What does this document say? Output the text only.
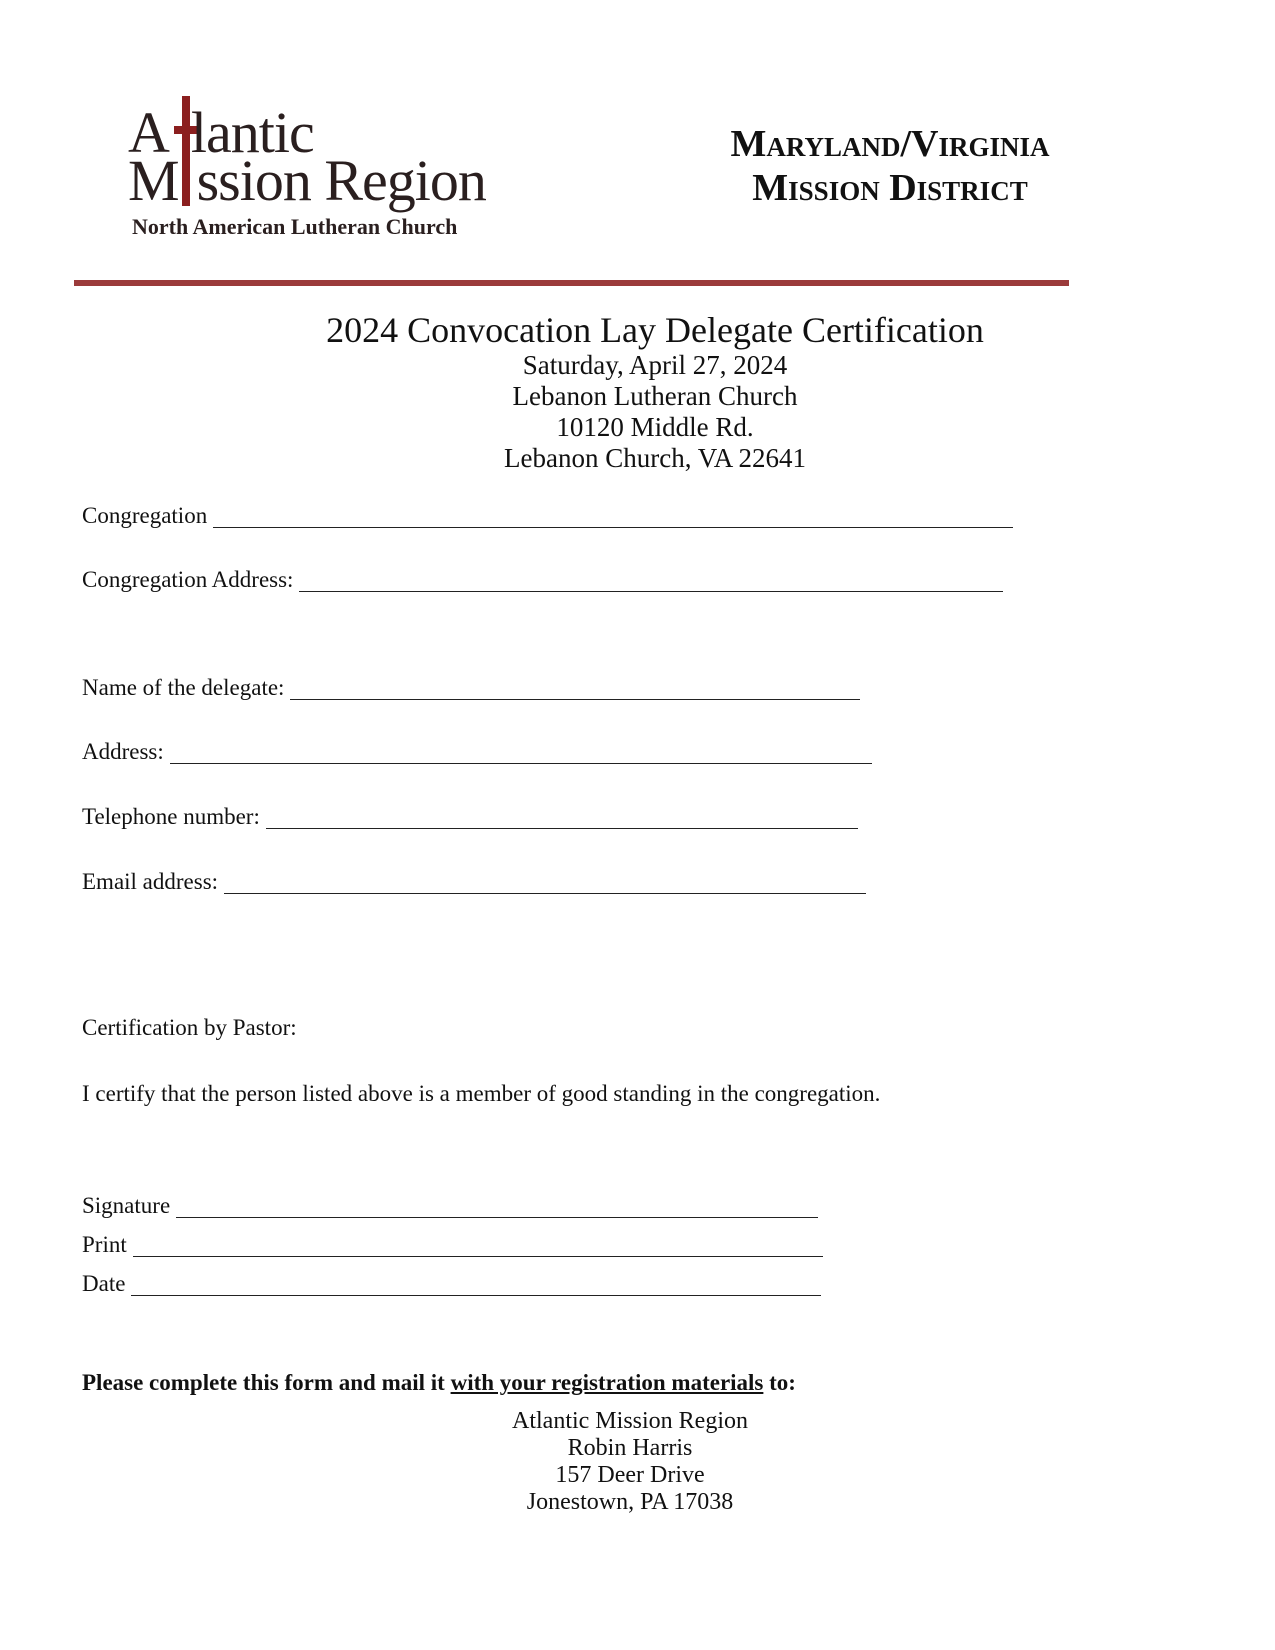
A lantic
M ssion Region
North American Lutheran Church
Maryland/Virginia
Mission District
2024 Convocation Lay Delegate Certification
Saturday, April 27, 2024
Lebanon Lutheran Church
10120 Middle Rd.
Lebanon Church, VA 22641
Congregation
Congregation Address:
Name of the delegate:
Address:
Telephone number:
Email address:
Certification by Pastor:
I certify that the person listed above is a member of good standing in the congregation.
Signature
Print
Date
Please complete this form and mail it with your registration materials to:
Atlantic Mission Region
Robin Harris
157 Deer Drive
Jonestown, PA 17038
